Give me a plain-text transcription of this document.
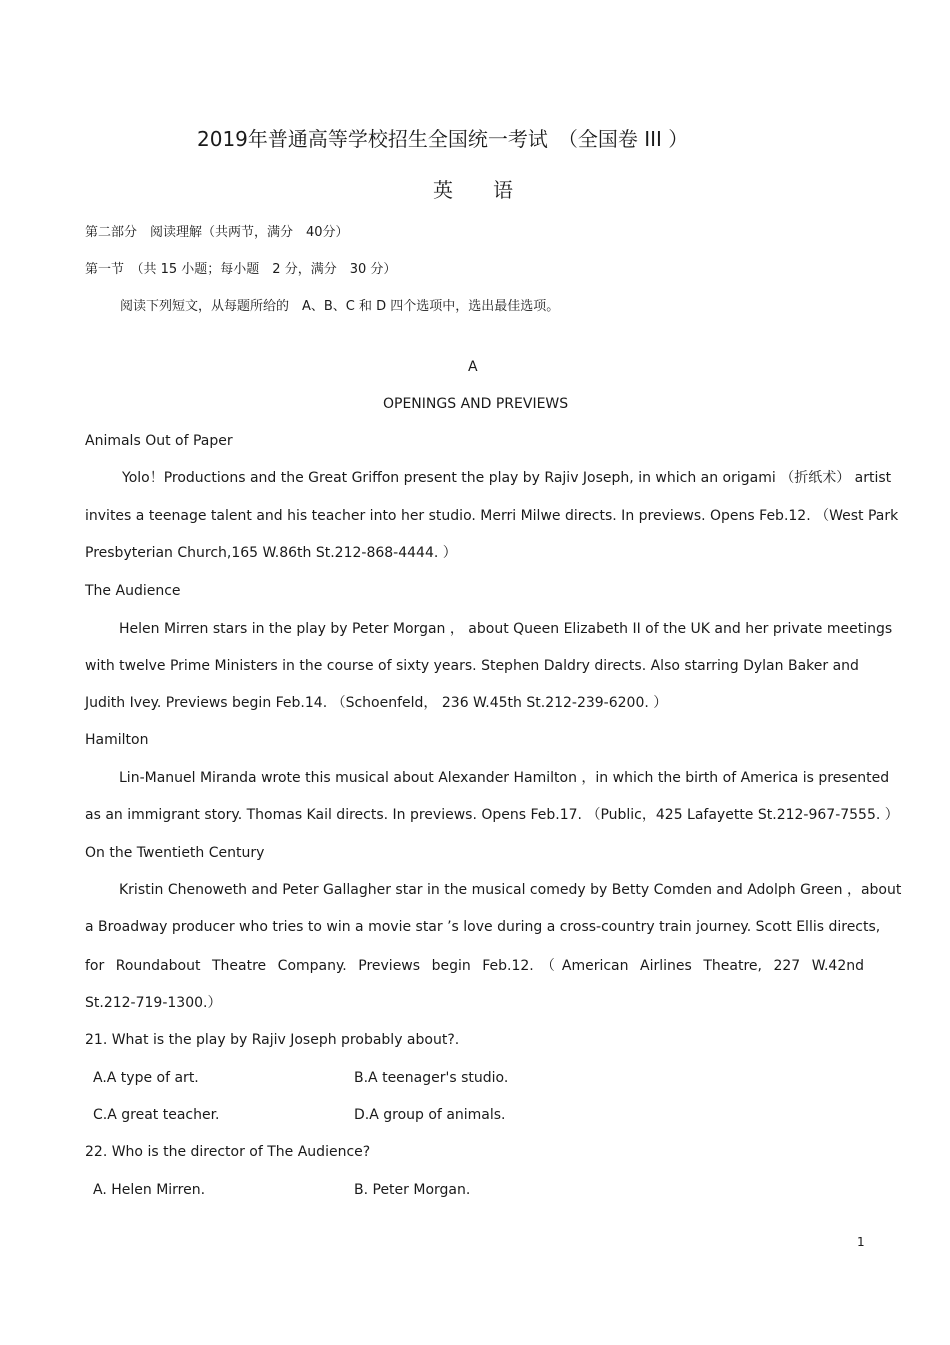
2019年普通高等学校招生全国统一考试　（全国卷 III ）
英　　语
第二部分　阅读理解（共两节，满分　40分）
第一节　（共 15 小题；每小题　2 分，满分　30 分）
阅读下列短文，从每题所给的　A、B、C 和 D 四个选项中，选出最佳选项。
A
OPENINGS AND PREVIEWS
Animals Out of Paper
Yolo！Productions and the Great Griffon present the play by Rajiv Joseph, in which an origami （折纸术） artist
invites a teenage talent and his teacher into her studio. Merri Milwe directs. In previews. Opens Feb.12. （West Park
Presbyterian Church,165 W.86th St.212-868-4444. ）
The Audience
Helen Mirren stars in the play by Peter Morgan ， about Queen Elizabeth II of the UK and her private meetings
with twelve Prime Ministers in the course of sixty years. Stephen Daldry directs. Also starring Dylan Baker and
Judith Ivey. Previews begin Feb.14. （Schoenfeld， 236 W.45th St.212-239-6200. ）
Hamilton
Lin-Manuel Miranda wrote this musical about Alexander Hamilton ，in which the birth of America is presented
as an immigrant story. Thomas Kail directs. In previews. Opens Feb.17. （Public，425 Lafayette St.212-967-7555. ）
On the Twentieth Century
Kristin Chenoweth and Peter Gallagher star in the musical comedy by Betty Comden and Adolph Green ，about
a Broadway producer who tries to win a movie star ’s love during a cross-country train journey. Scott Ellis directs,
for Roundabout Theatre Company. Previews begin Feb.12.（American Airlines Theatre, 227 W.42nd
St.212-719-1300.）
21. What is the play by Rajiv Joseph probably about?.
A.A type of art.	B.A teenager's studio.
C.A great teacher.	D.A group of animals.
22. Who is the director of The Audience?
A. Helen Mirren.	B. Peter Morgan.
1
